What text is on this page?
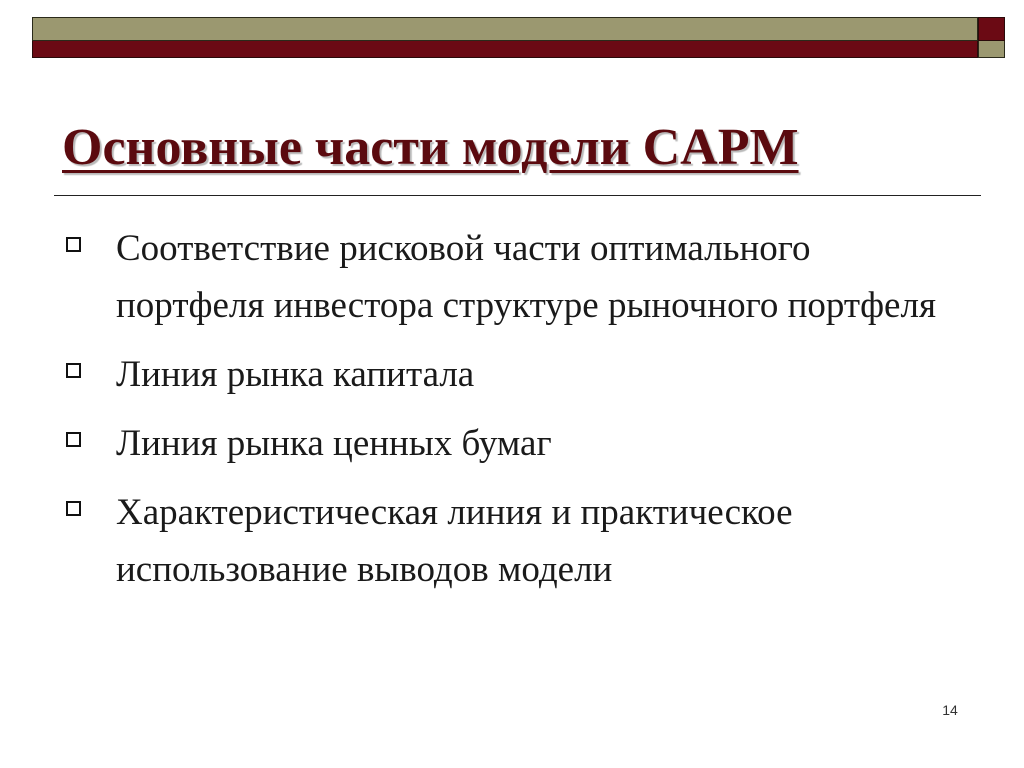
Основные части модели CAPM
Соответствие рисковой части оптимального портфеля инвестора структуре рыночного портфеля
Линия рынка капитала
Линия рынка ценных бумаг
Характеристическая линия и практическое использование выводов модели
14
